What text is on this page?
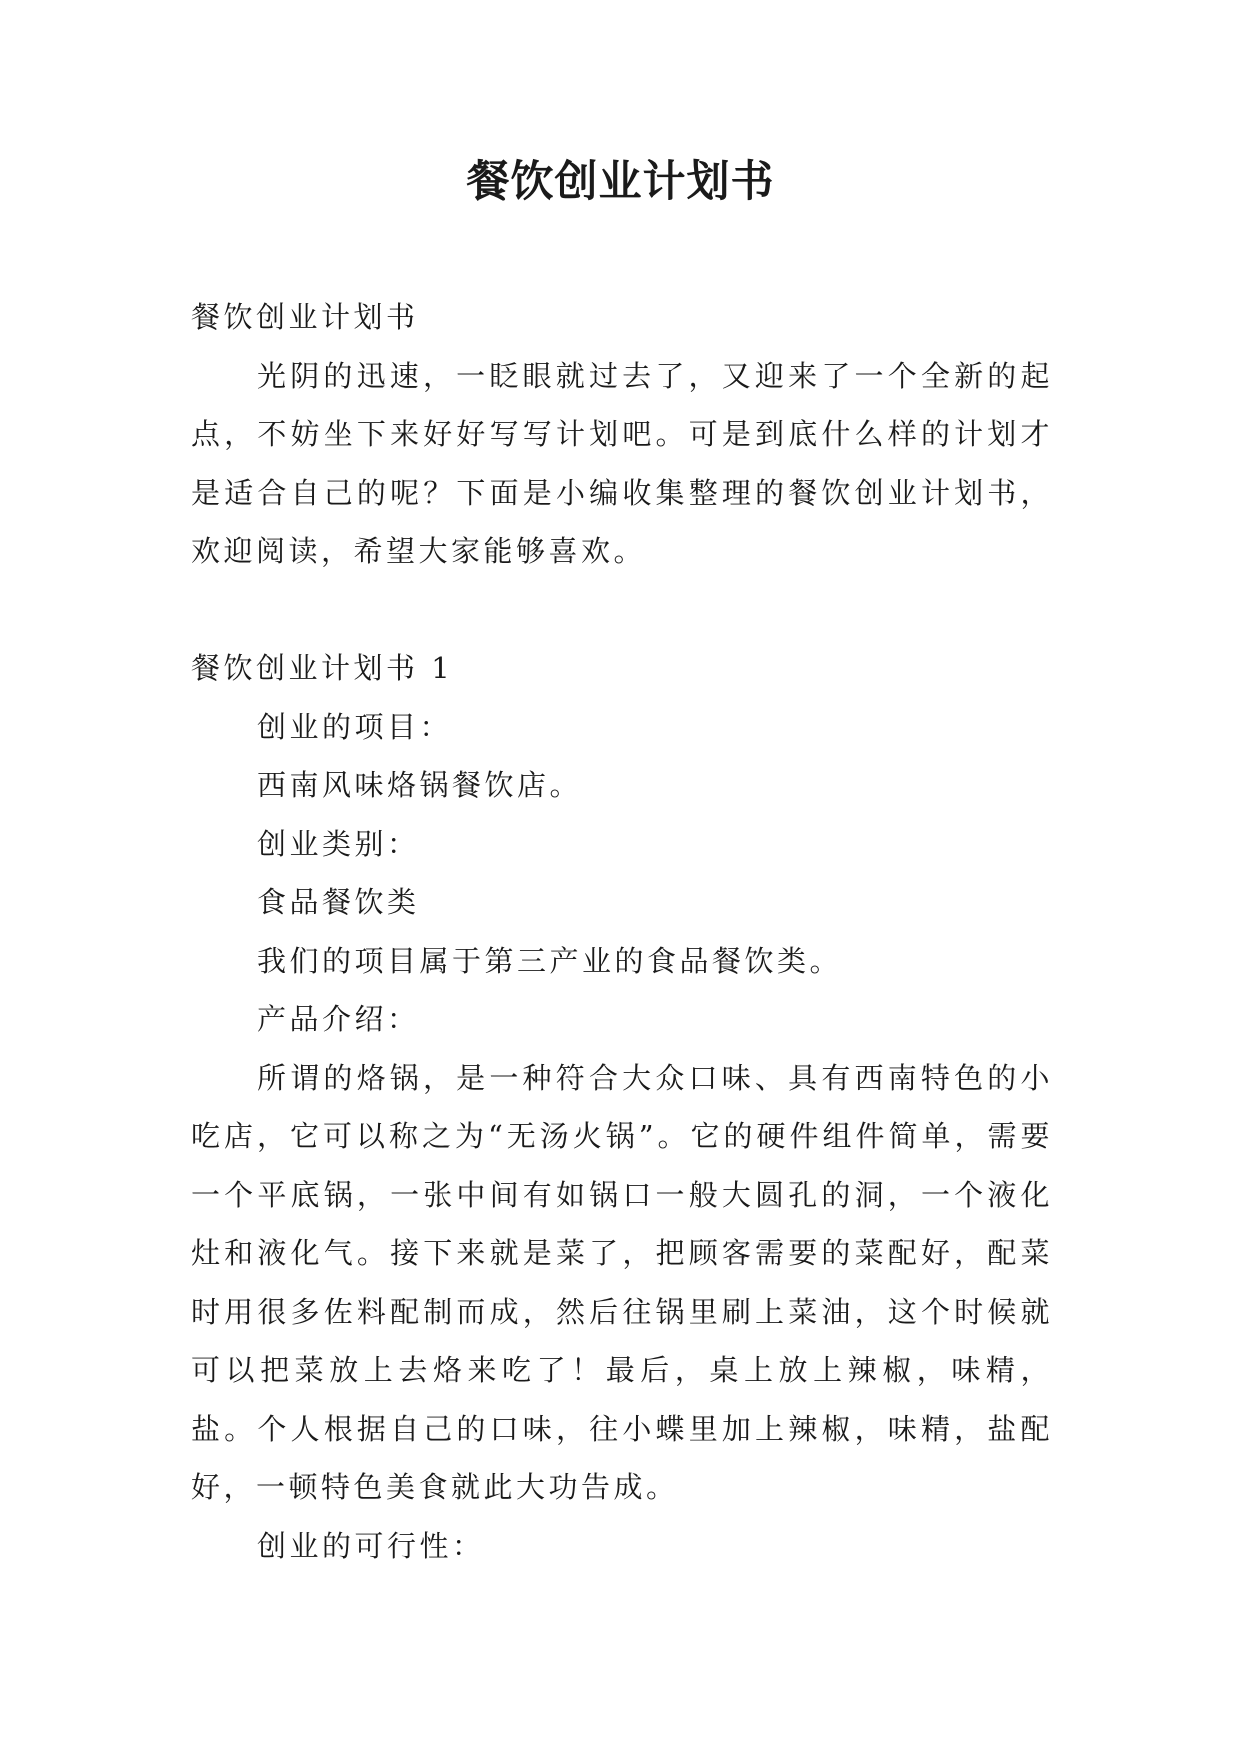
餐饮创业计划书

餐饮创业计划书

光阴的迅速，一眨眼就过去了，又迎来了一个全新的起点，不妨坐下来好好写写计划吧。可是到底什么样的计划才是适合自己的呢？下面是小编收集整理的餐饮创业计划书，欢迎阅读，希望大家能够喜欢。

餐饮创业计划书 1

创业的项目：

西南风味烙锅餐饮店。

创业类别：

食品餐饮类

我们的项目属于第三产业的食品餐饮类。

产品介绍：

所谓的烙锅，是一种符合大众口味、具有西南特色的小吃店，它可以称之为“无汤火锅”。它的硬件组件简单，需要一个平底锅，一张中间有如锅口一般大圆孔的洞，一个液化灶和液化气。接下来就是菜了，把顾客需要的菜配好，配菜时用很多佐料配制而成，然后往锅里刷上菜油，这个时候就可以把菜放上去烙来吃了！最后，桌上放上辣椒，味精，盐。个人根据自己的口味，往小蝶里加上辣椒，味精，盐配好，一顿特色美食就此大功告成。

创业的可行性：
